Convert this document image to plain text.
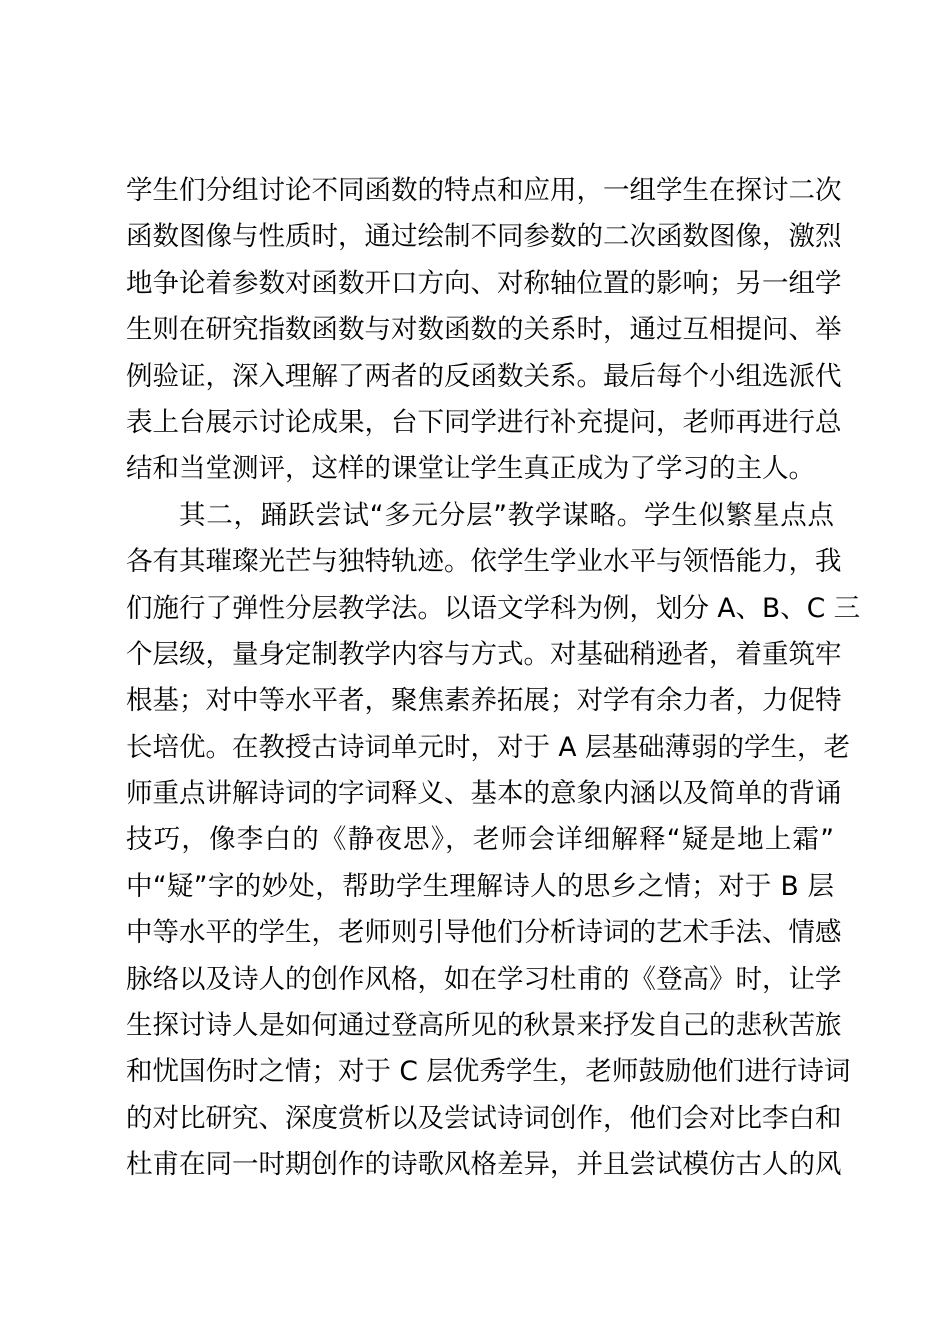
学生们分组讨论不同函数的特点和应用，一组学生在探讨二次
函数图像与性质时，通过绘制不同参数的二次函数图像，激烈
地争论着参数对函数开口方向、对称轴位置的影响；另一组学
生则在研究指数函数与对数函数的关系时，通过互相提问、举
例验证，深入理解了两者的反函数关系。最后每个小组选派代
表上台展示讨论成果，台下同学进行补充提问，老师再进行总
结和当堂测评，这样的课堂让学生真正成为了学习的主人。
其二，踊跃尝试“多元分层”教学谋略。学生似繁星点点
各有其璀璨光芒与独特轨迹。依学生学业水平与领悟能力，我
们施行了弹性分层教学法。以语文学科为例，划分 A、B、C 三
个层级，量身定制教学内容与方式。对基础稍逊者，着重筑牢
根基；对中等水平者，聚焦素养拓展；对学有余力者，力促特
长培优。在教授古诗词单元时，对于 A 层基础薄弱的学生，老
师重点讲解诗词的字词释义、基本的意象内涵以及简单的背诵
技巧，像李白的《静夜思》，老师会详细解释“疑是地上霜”
中“疑”字的妙处，帮助学生理解诗人的思乡之情；对于 B 层
中等水平的学生，老师则引导他们分析诗词的艺术手法、情感
脉络以及诗人的创作风格，如在学习杜甫的《登高》时，让学
生探讨诗人是如何通过登高所见的秋景来抒发自己的悲秋苦旅
和忧国伤时之情；对于 C 层优秀学生，老师鼓励他们进行诗词
的对比研究、深度赏析以及尝试诗词创作，他们会对比李白和
杜甫在同一时期创作的诗歌风格差异，并且尝试模仿古人的风
